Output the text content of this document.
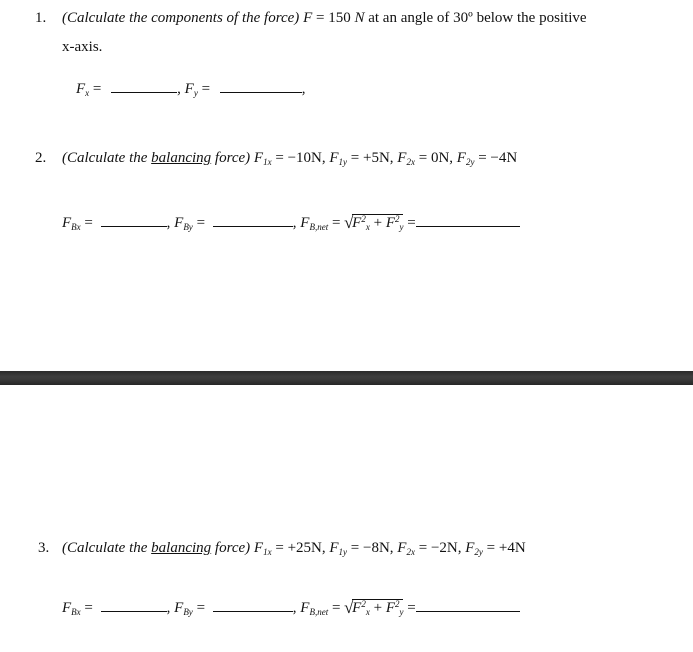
1. (Calculate the components of the force) F = 150 N at an angle of 30º below the positive
x-axis.
$F_x$ =	, $F_y$ =	,
2. (Calculate the balancing force) $F_{1x} = -10N$, $F_{1y} = +5N$, $F_{2x} = 0N$, $F_{2y} = -4N$
$F_{Bx}$ =	, $F_{By}$ =	, $F_{B,net}$ = √
$F^2_x + F^2_y$ =
3. (Calculate the balancing force) $F_{1x} = +25N$, $F_{1y} = -8N$, $F_{2x} = -2N$, $F_{2y} = +4N$
$F_{Bx}$ =	, $F_{By}$ =	, $F_{B,net}$ = √
$F^2_x + F^2_y$ =
